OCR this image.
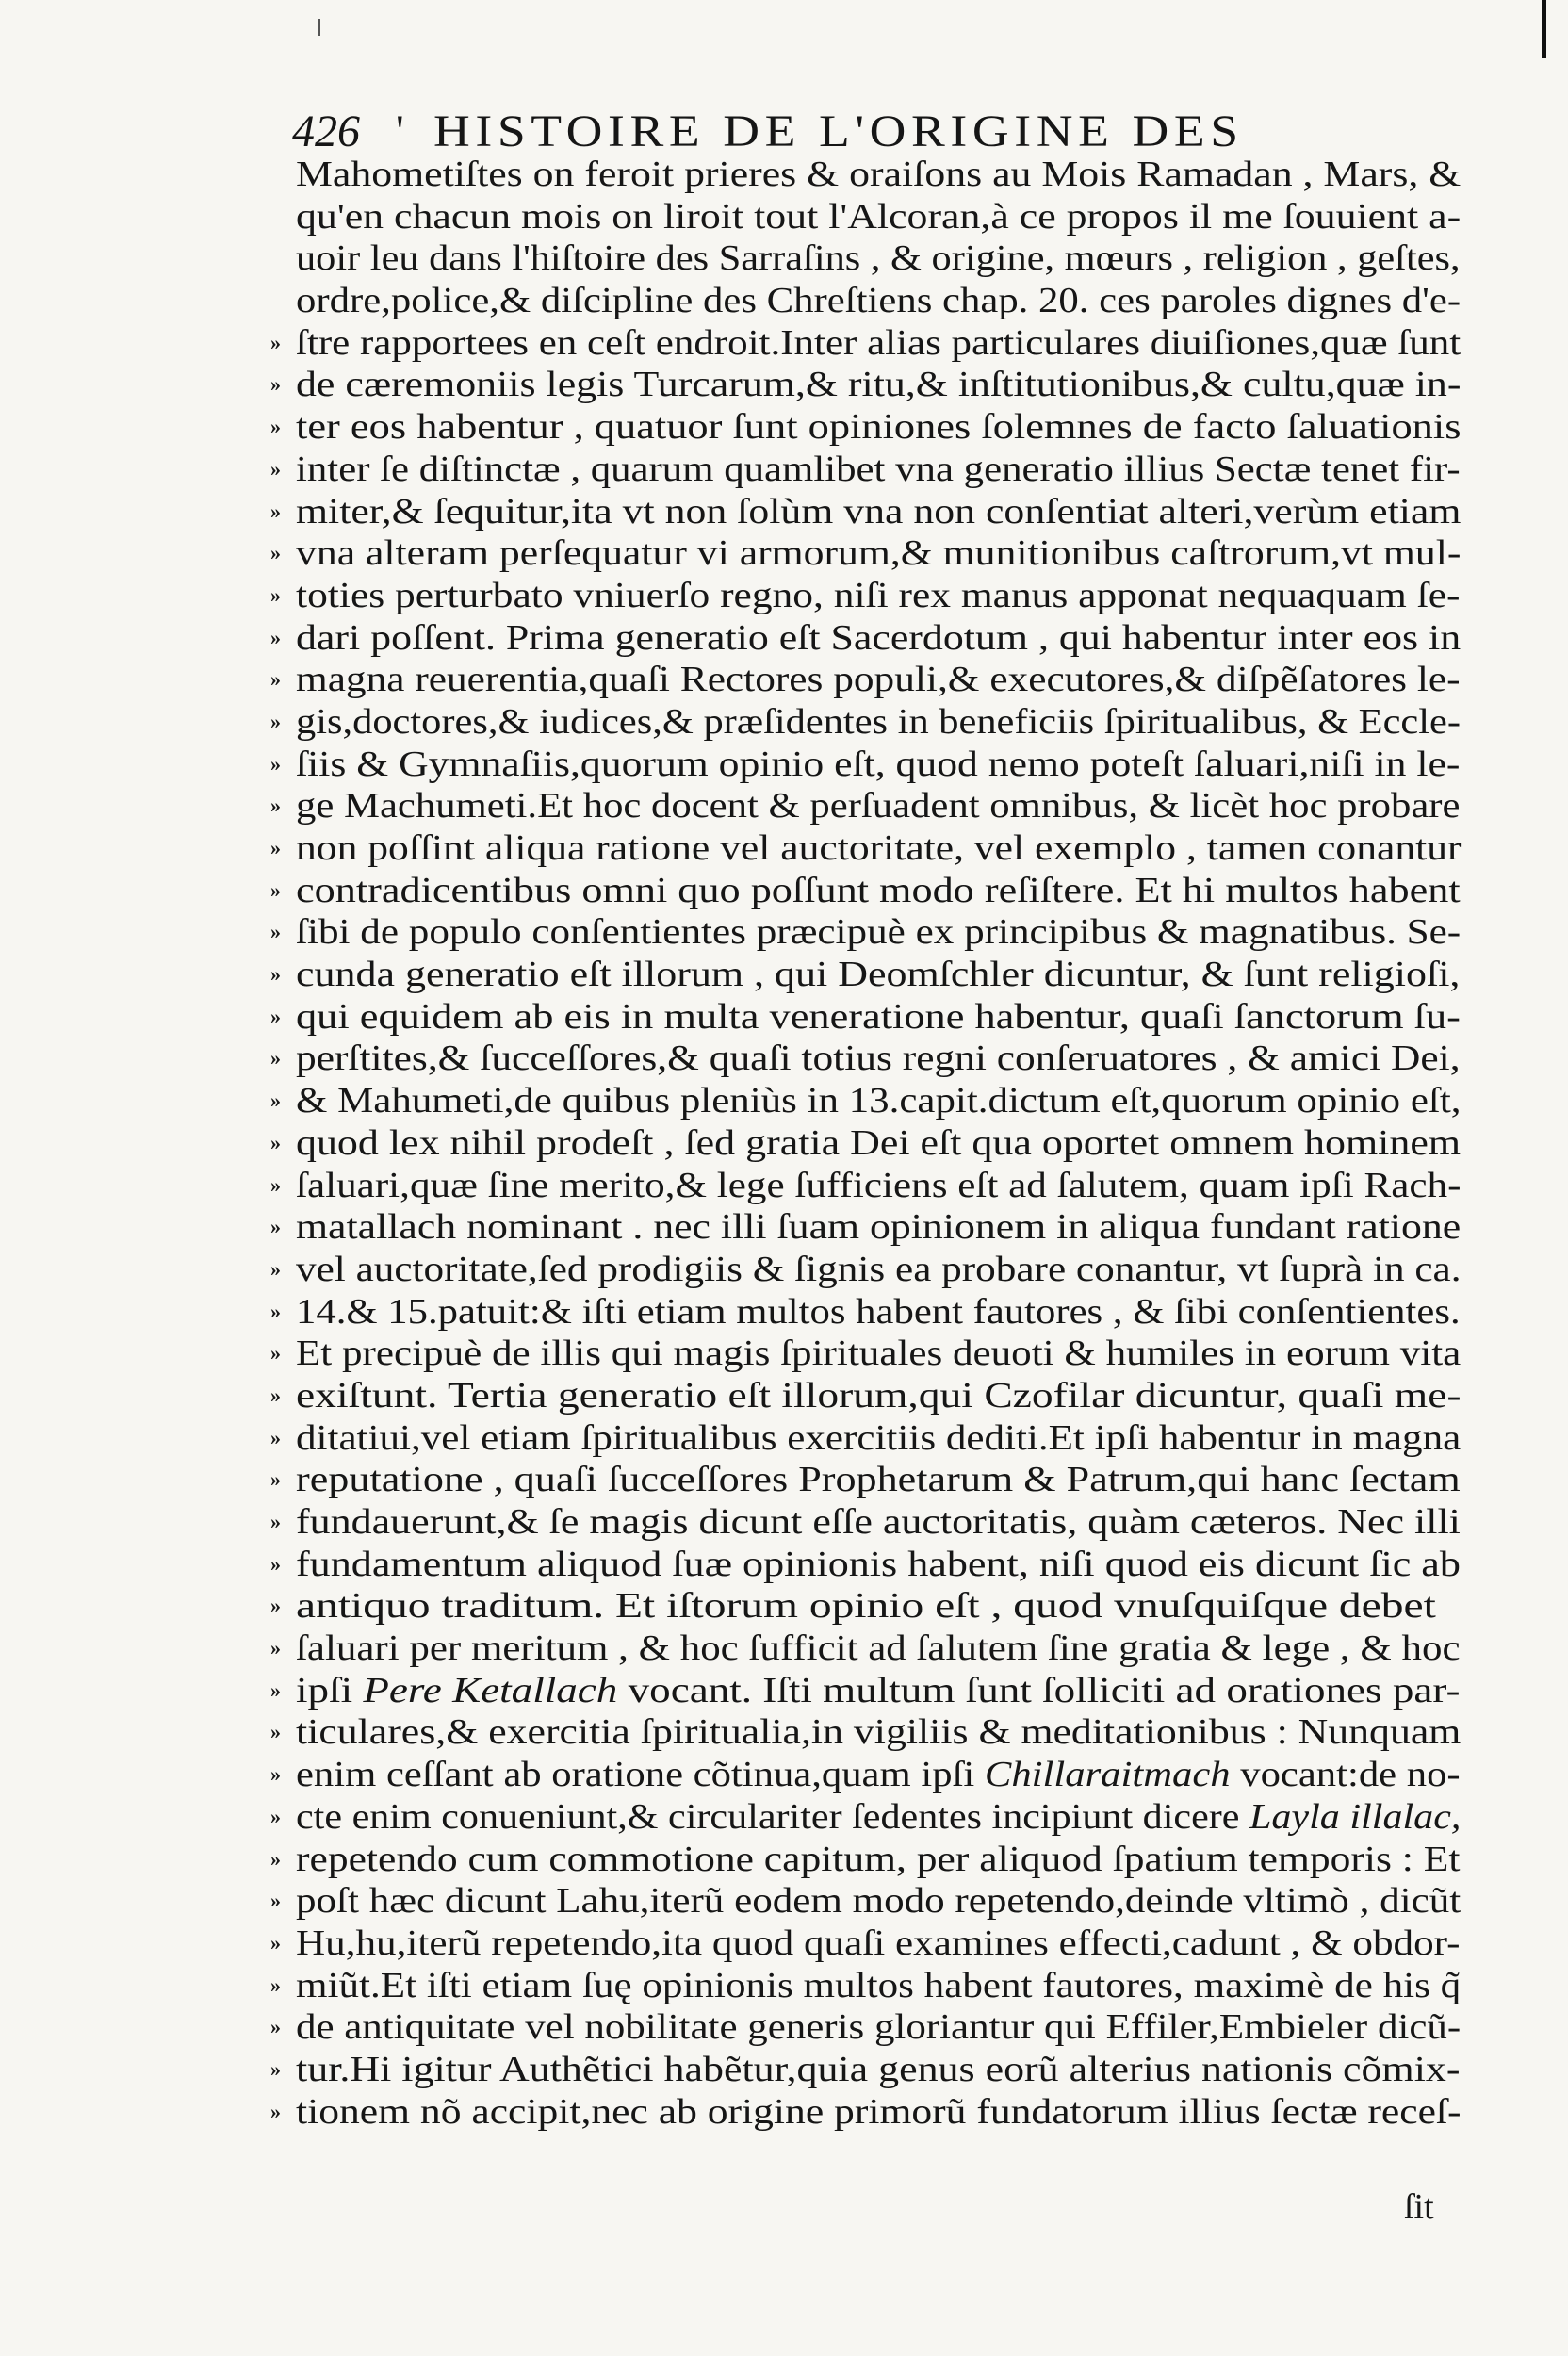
426 ' HISTOIRE DE L'ORIGINE DES
Mahometiſtes on feroit prieres & oraiſons au Mois Ramadan , Mars, &
qu'en chacun mois on liroit tout l'Alcoran,à ce propos il me ſouuient a-
uoir leu dans l'hiſtoire des Sarraſins , & origine, mœurs , religion , geſtes,
ordre,police,& diſcipline des Chreſtiens chap. 20. ces paroles dignes d'e-
» ſtre rapportees en ceſt endroit.Inter alias particulares diuiſiones,quæ ſunt
» de cæremoniis legis Turcarum,& ritu,& inſtitutionibus,& cultu,quæ in-
» ter eos habentur , quatuor ſunt opiniones ſolemnes de facto ſaluationis
» inter ſe diſtinctæ , quarum quamlibet vna generatio illius Sectæ tenet fir-
» miter,& ſequitur,ita vt non ſolùm vna non conſentiat alteri,verùm etiam
» vna alteram perſequatur vi armorum,& munitionibus caſtrorum,vt mul-
» toties perturbato vniuerſo regno, niſi rex manus apponat nequaquam ſe-
» dari poſſent. Prima generatio eſt Sacerdotum , qui habentur inter eos in
» magna reuerentia,quaſi Rectores populi,& executores,& diſpẽſatores le-
» gis,doctores,& iudices,& præſidentes in beneficiis ſpiritualibus, & Eccle-
» ſiis & Gymnaſiis,quorum opinio eſt, quod nemo poteſt ſaluari,niſi in le-
» ge Machumeti.Et hoc docent & perſuadent omnibus, & licèt hoc probare
» non poſſint aliqua ratione vel auctoritate, vel exemplo , tamen conantur
» contradicentibus omni quo poſſunt modo reſiſtere. Et hi multos habent
» ſibi de populo conſentientes præcipuè ex principibus & magnatibus. Se-
» cunda generatio eſt illorum , qui Deomſchler dicuntur, & ſunt religioſi,
» qui equidem ab eis in multa veneratione habentur, quaſi ſanctorum ſu-
» perſtites,& ſucceſſores,& quaſi totius regni conſeruatores , & amici Dei,
» & Mahumeti,de quibus pleniùs in 13.capit.dictum eſt,quorum opinio eſt,
» quod lex nihil prodeſt , ſed gratia Dei eſt qua oportet omnem hominem
» ſaluari,quæ ſine merito,& lege ſufficiens eſt ad ſalutem, quam ipſi Rach-
» matallach nominant . nec illi ſuam opinionem in aliqua fundant ratione
» vel auctoritate,ſed prodigiis & ſignis ea probare conantur, vt ſuprà in ca.
» 14.& 15.patuit:& iſti etiam multos habent fautores , & ſibi conſentientes.
» Et precipuè de illis qui magis ſpirituales deuoti & humiles in eorum vita
» exiſtunt. Tertia generatio eſt illorum,qui Czofilar dicuntur, quaſi me-
» ditatiui,vel etiam ſpiritualibus exercitiis dediti.Et ipſi habentur in magna
» reputatione , quaſi ſucceſſores Prophetarum & Patrum,qui hanc ſectam
» fundauerunt,& ſe magis dicunt eſſe auctoritatis, quàm cæteros. Nec illi
» fundamentum aliquod ſuæ opinionis habent, niſi quod eis dicunt ſic ab
» antiquo traditum. Et iſtorum opinio eſt , quod vnuſquiſque debet
» ſaluari per meritum , & hoc ſufficit ad ſalutem ſine gratia & lege , & hoc
» ipſi Pere Ketallach vocant. Iſti multum ſunt ſolliciti ad orationes par-
» ticulares,& exercitia ſpiritualia,in vigiliis & meditationibus : Nunquam
» enim ceſſant ab oratione cõtinua,quam ipſi Chillaraitmach vocant:de no-
» cte enim conueniunt,& circulariter ſedentes incipiunt dicere Layla illalac,
» repetendo cum commotione capitum, per aliquod ſpatium temporis : Et
» poſt hæc dicunt Lahu,iterũ eodem modo repetendo,deinde vltimò , dicũt
» Hu,hu,iterũ repetendo,ita quod quaſi examines effecti,cadunt , & obdor-
» miũt.Et iſti etiam ſuę opinionis multos habent fautores, maximè de his q̃
» de antiquitate vel nobilitate generis gloriantur qui Effiler,Embieler dicũ-
» tur.Hi igitur Authẽtici habẽtur,quia genus eorũ alterius nationis cõmix-
» tionem nõ accipit,nec ab origine primorũ fundatorum illius ſectæ receſ-
ſit
